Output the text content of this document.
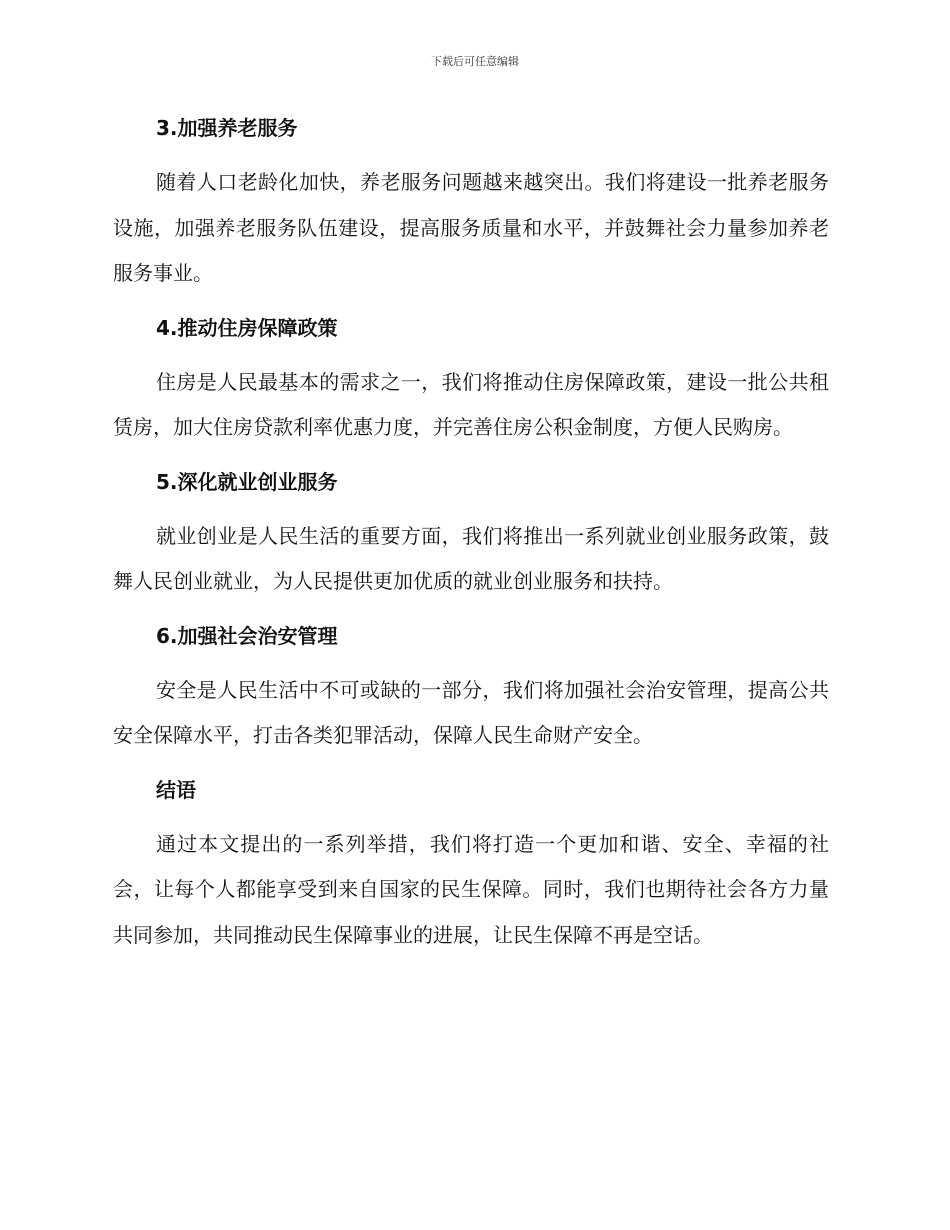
下载后可任意编辑
3.加强养老服务

随着人口老龄化加快，养老服务问题越来越突出。我们将建设一批养老服务设施，加强养老服务队伍建设，提高服务质量和水平，并鼓舞社会力量参加养老服务事业。

4.推动住房保障政策

住房是人民最基本的需求之一，我们将推动住房保障政策，建设一批公共租赁房，加大住房贷款利率优惠力度，并完善住房公积金制度，方便人民购房。

5.深化就业创业服务

就业创业是人民生活的重要方面，我们将推出一系列就业创业服务政策，鼓舞人民创业就业，为人民提供更加优质的就业创业服务和扶持。

6.加强社会治安管理

安全是人民生活中不可或缺的一部分，我们将加强社会治安管理，提高公共安全保障水平，打击各类犯罪活动，保障人民生命财产安全。

结语

通过本文提出的一系列举措，我们将打造一个更加和谐、安全、幸福的社会，让每个人都能享受到来自国家的民生保障。同时，我们也期待社会各方力量共同参加，共同推动民生保障事业的进展，让民生保障不再是空话。
